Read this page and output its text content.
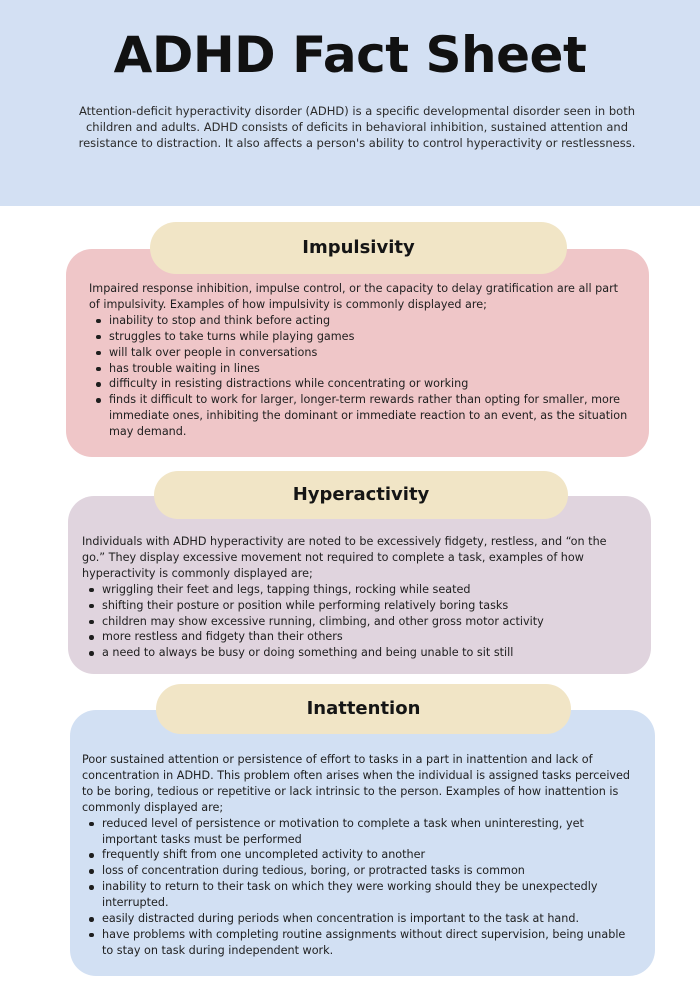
ADHD Fact Sheet

Attention-deficit hyperactivity disorder (ADHD) is a specific developmental disorder seen in both children and adults. ADHD consists of deficits in behavioral inhibition, sustained attention and resistance to distraction. It also affects a person's ability to control hyperactivity or restlessness.

Impaired response inhibition, impulse control, or the capacity to delay gratification are all part of impulsivity. Examples of how impulsivity is commonly displayed are;

inability to stop and think before acting
struggles to take turns while playing games
will talk over people in conversations
has trouble waiting in lines
difficulty in resisting distractions while concentrating or working
finds it difficult to work for larger, longer-term rewards rather than opting for smaller, more immediate ones, inhibiting the dominant or immediate reaction to an event, as the situation may demand.
Impulsivity

Individuals with ADHD hyperactivity are noted to be excessively fidgety, restless, and “on the go.” They display excessive movement not required to complete a task, examples of how hyperactivity is commonly displayed are;

wriggling their feet and legs, tapping things, rocking while seated
shifting their posture or position while performing relatively boring tasks
children may show excessive running, climbing, and other gross motor activity
more restless and fidgety than their others
a need to always be busy or doing something and being unable to sit still
Hyperactivity

Poor sustained attention or persistence of effort to tasks in a part in inattention and lack of concentration in ADHD. This problem often arises when the individual is assigned tasks perceived to be boring, tedious or repetitive or lack intrinsic to the person. Examples of how inattention is commonly displayed are;

reduced level of persistence or motivation to complete a task when uninteresting, yet important tasks must be performed
frequently shift from one uncompleted activity to another
loss of concentration during tedious, boring, or protracted tasks is common
inability to return to their task on which they were working should they be unexpectedly interrupted.
easily distracted during periods when concentration is important to the task at hand.
have problems with completing routine assignments without direct supervision, being unable to stay on task during independent work.
Inattention
